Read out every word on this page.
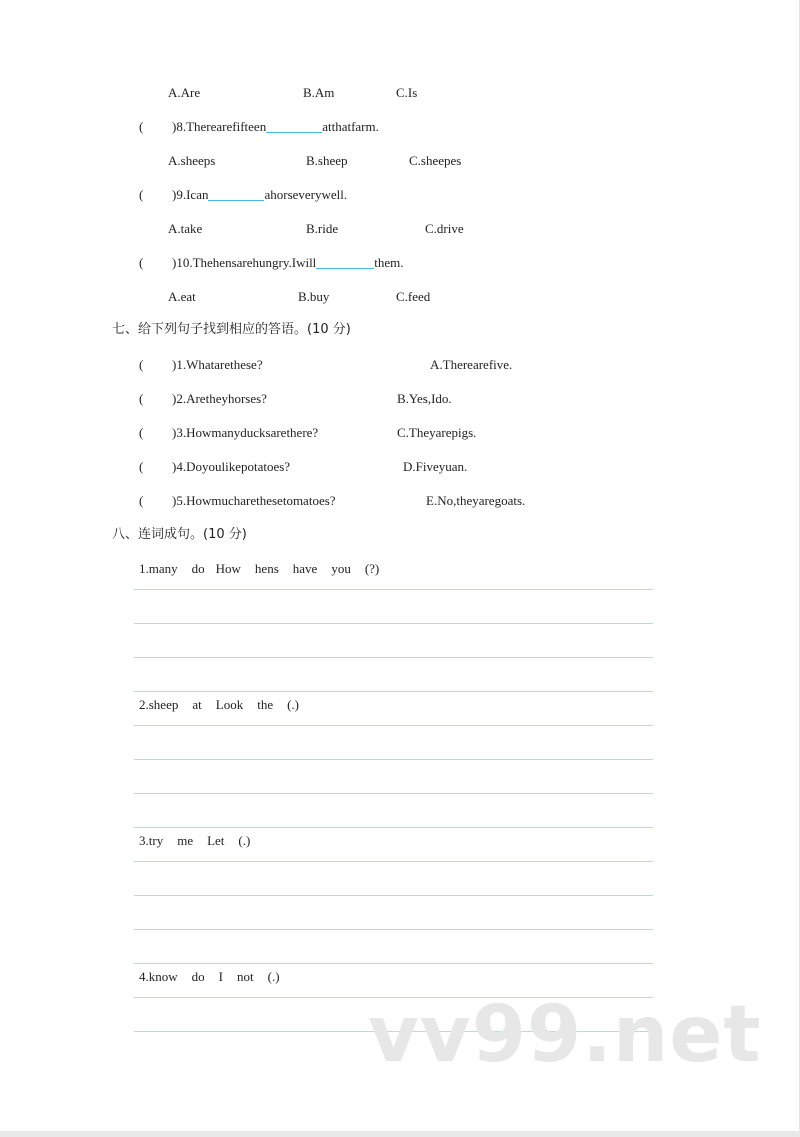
A.Are	B.Am	C.Is
( )8.Therearefifteen	atthatfarm.
A.sheeps	B.sheep	C.sheepes
( )9.Ican	ahorseverywell.
A.take	B.ride	C.drive
( )10.Thehensarehungry.Iwill	them.
A.eat	B.buy	C.feed
七、给下列句子找到相应的答语。(10 分)
( )1.Whatarethese?	A.Therearefive.
( )2.Aretheyhorses?	B.Yes,Ido.
( )3.Howmanyducksarethere?	C.Theyarepigs.
( )4.Doyoulikepotatoes?	D.Fiveyuan.
( )5.Howmucharethesetomatoes?	E.No,theyaregoats.
八、连词成句。(10 分)
1.many do How hens have you (?)
2.sheep at Look the (.)
3.try me Let (.)
4.know do I not (.)
vv99.net
